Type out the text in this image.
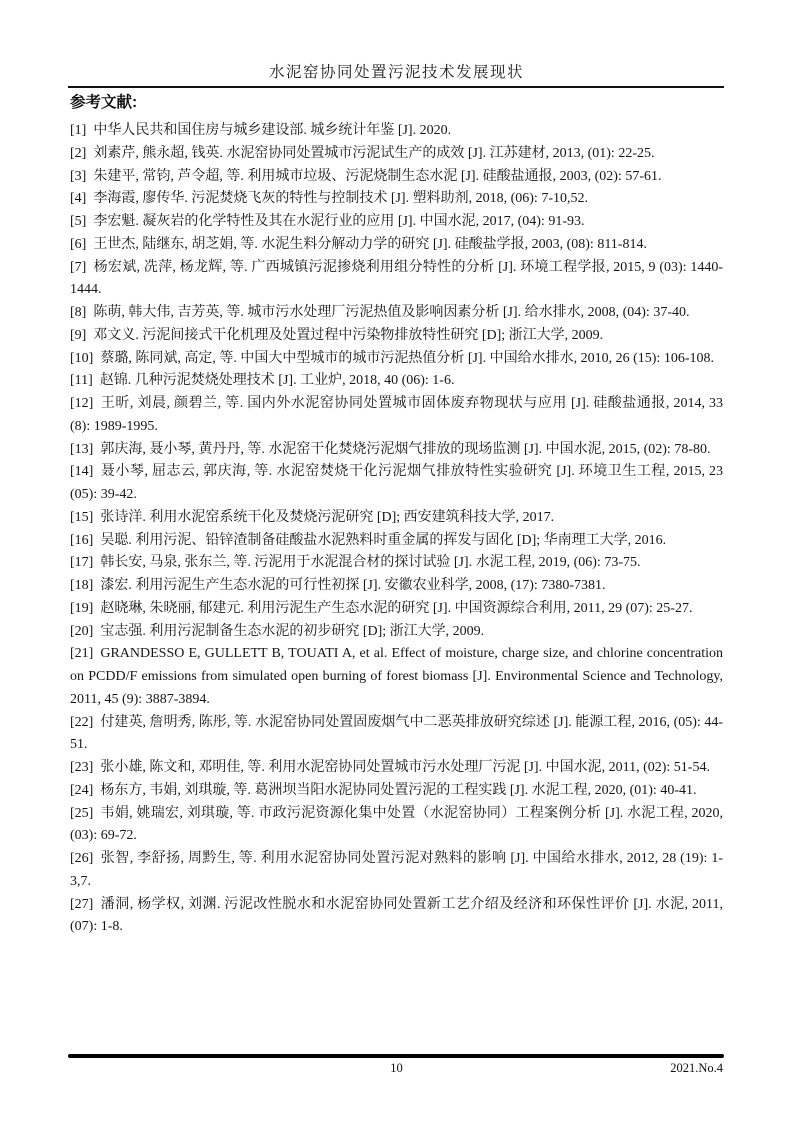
水泥窑协同处置污泥技术发展现状
参考文献:

[1] 中华人民共和国住房与城乡建设部. 城乡统计年鉴 [J]. 2020.

[2] 刘素芹, 熊永超, 钱英. 水泥窑协同处置城市污泥试生产的成效 [J]. 江苏建材, 2013, (01): 22-25.

[3] 朱建平, 常钧, 芦令超, 等. 利用城市垃圾、污泥烧制生态水泥 [J]. 硅酸盐通报, 2003, (02): 57-61.

[4] 李海霞, 廖传华. 污泥焚烧飞灰的特性与控制技术 [J]. 塑料助剂, 2018, (06): 7-10,52.

[5] 李宏魁. 凝灰岩的化学特性及其在水泥行业的应用 [J]. 中国水泥, 2017, (04): 91-93.

[6] 王世杰, 陆继东, 胡芝娟, 等. 水泥生料分解动力学的研究 [J]. 硅酸盐学报, 2003, (08): 811-814.

[7] 杨宏斌, 冼萍, 杨龙辉, 等. 广西城镇污泥掺烧利用组分特性的分析 [J]. 环境工程学报, 2015, 9 (03): 1440-1444.

[8] 陈萌, 韩大伟, 吉芳英, 等. 城市污水处理厂污泥热值及影响因素分析 [J]. 给水排水, 2008, (04): 37-40.

[9] 邓文义. 污泥间接式干化机理及处置过程中污染物排放特性研究 [D]; 浙江大学, 2009.

[10] 蔡璐, 陈同斌, 高定, 等. 中国大中型城市的城市污泥热值分析 [J]. 中国给水排水, 2010, 26 (15): 106-108.

[11] 赵锦. 几种污泥焚烧处理技术 [J]. 工业炉, 2018, 40 (06): 1-6.

[12] 王昕, 刘晨, 颜碧兰, 等. 国内外水泥窑协同处置城市固体废弃物现状与应用 [J]. 硅酸盐通报, 2014, 33 (8): 1989-1995.

[13] 郭庆海, 聂小琴, 黄丹丹, 等. 水泥窑干化焚烧污泥烟气排放的现场监测 [J]. 中国水泥, 2015, (02): 78-80.

[14] 聂小琴, 屈志云, 郭庆海, 等. 水泥窑焚烧干化污泥烟气排放特性实验研究 [J]. 环境卫生工程, 2015, 23 (05): 39-42.

[15] 张诗洋. 利用水泥窑系统干化及焚烧污泥研究 [D]; 西安建筑科技大学, 2017.

[16] 吴聪. 利用污泥、铅锌渣制备硅酸盐水泥熟料时重金属的挥发与固化 [D]; 华南理工大学, 2016.

[17] 韩长安, 马泉, 张东兰, 等. 污泥用于水泥混合材的探讨试验 [J]. 水泥工程, 2019, (06): 73-75.

[18] 漆宏. 利用污泥生产生态水泥的可行性初探 [J]. 安徽农业科学, 2008, (17): 7380-7381.

[19] 赵晓琳, 朱晓丽, 郁建元. 利用污泥生产生态水泥的研究 [J]. 中国资源综合利用, 2011, 29 (07): 25-27.

[20] 宝志强. 利用污泥制备生态水泥的初步研究 [D]; 浙江大学, 2009.

[21] GRANDESSO E, GULLETT B, TOUATI A, et al. Effect of moisture, charge size, and chlorine concentration on PCDD/F emissions from simulated open burning of forest biomass [J]. Environmental Science and Technology, 2011, 45 (9): 3887-3894.

[22] 付建英, 詹明秀, 陈彤, 等. 水泥窑协同处置固废烟气中二恶英排放研究综述 [J]. 能源工程, 2016, (05): 44-51.

[23] 张小雄, 陈文和, 邓明佳, 等. 利用水泥窑协同处置城市污水处理厂污泥 [J]. 中国水泥, 2011, (02): 51-54.

[24] 杨东方, 韦娟, 刘琪璇, 等. 葛洲坝当阳水泥协同处置污泥的工程实践 [J]. 水泥工程, 2020, (01): 40-41.

[25] 韦娟, 姚瑞宏, 刘琪璇, 等. 市政污泥资源化集中处置（水泥窑协同）工程案例分析 [J]. 水泥工程, 2020, (03): 69-72.

[26] 张智, 李舒扬, 周黔生, 等. 利用水泥窑协同处置污泥对熟料的影响 [J]. 中国给水排水, 2012, 28 (19): 1-3,7.

[27] 潘洞, 杨学权, 刘渊. 污泥改性脱水和水泥窑协同处置新工艺介绍及经济和环保性评价 [J]. 水泥, 2011, (07): 1-8.

10	2021.No.4
